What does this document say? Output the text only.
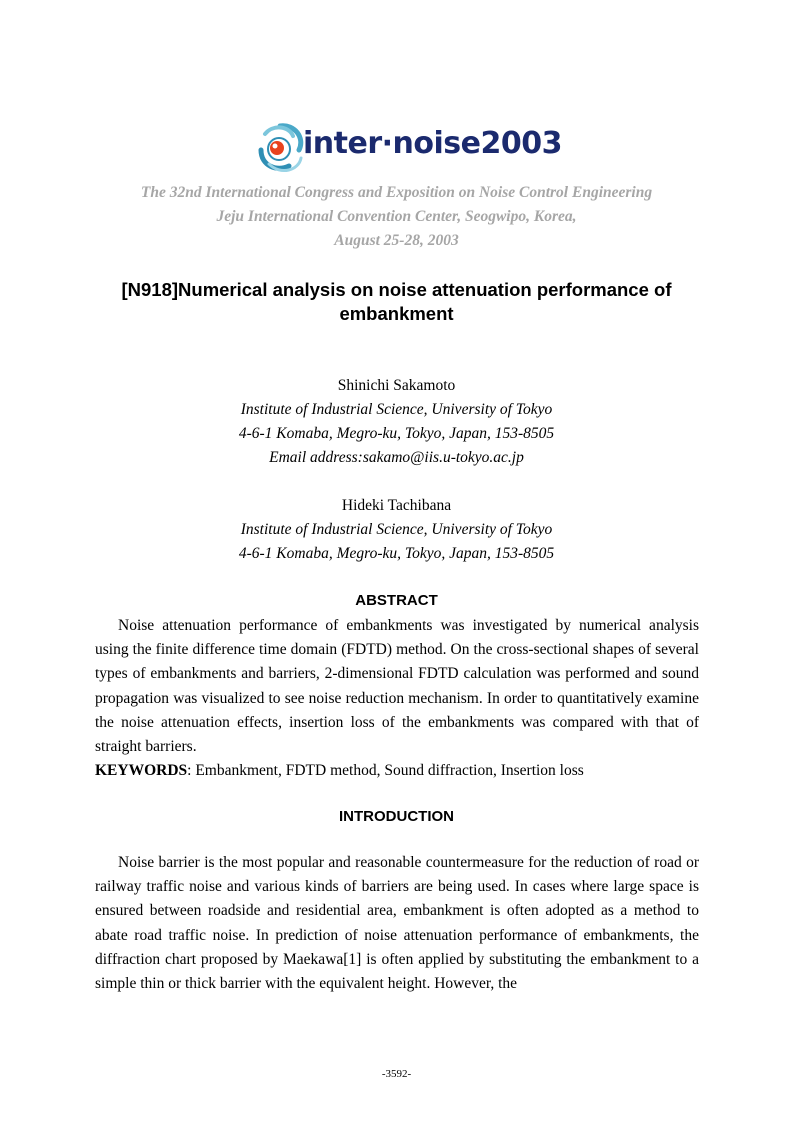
inter·noise2003
The 32nd International Congress and Exposition on Noise Control Engineering
Jeju International Convention Center, Seogwipo, Korea,
August 25-28, 2003
[N918]Numerical analysis on noise attenuation performance of embankment
Shinichi Sakamoto
Institute of Industrial Science, University of Tokyo
4-6-1 Komaba, Megro-ku, Tokyo, Japan, 153-8505
Email address:sakamo@iis.u-tokyo.ac.jp
Hideki Tachibana
Institute of Industrial Science, University of Tokyo
4-6-1 Komaba, Megro-ku, Tokyo, Japan, 153-8505
ABSTRACT

Noise attenuation performance of embankments was investigated by numerical analysis using the finite difference time domain (FDTD) method. On the cross-sectional shapes of several types of embankments and barriers, 2-dimensional FDTD calculation was performed and sound propagation was visualized to see noise reduction mechanism. In order to quantitatively examine the noise attenuation effects, insertion loss of the embankments was compared with that of straight barriers.

KEYWORDS: Embankment, FDTD method, Sound diffraction, Insertion loss

INTRODUCTION

Noise barrier is the most popular and reasonable countermeasure for the reduction of road or railway traffic noise and various kinds of barriers are being used. In cases where large space is ensured between roadside and residential area, embankment is often adopted as a method to abate road traffic noise. In prediction of noise attenuation performance of embankments, the diffraction chart proposed by Maekawa[1] is often applied by substituting the embankment to a simple thin or thick barrier with the equivalent height. However, the

-3592-
